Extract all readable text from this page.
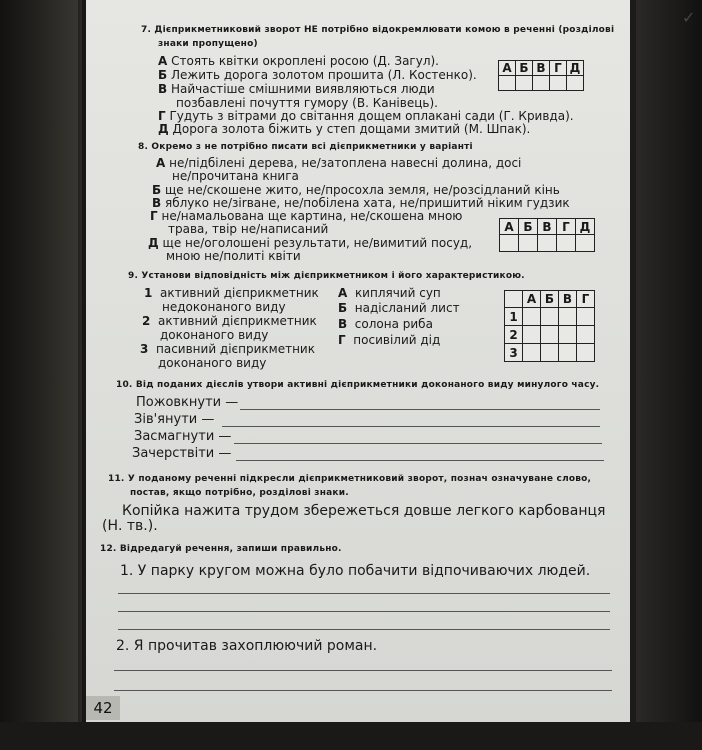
✓
7. Дієприкметниковий зворот НЕ потрібно відокремлювати комою в реченні (розділові
знаки пропущено)
А Стоять квітки окроплені росою (Д. Загул).
Б Лежить дорога золотом прошита (Л. Костенко).
В Найчастіше смішними виявляються люди
позбавлені почуття гумору (В. Канівець).
Г Гудуть з вітрами до світання дощем оплакані сади (Г. Кривда).
Д Дорога золота біжить у степ дощами змитий (М. Шпак).
А	Б	В	Г	Д

8. Окремо з не потрібно писати всі дієприкметники у варіанті
А не/підбілені дерева, не/затоплена навесні долина, досі
не/прочитана книга
Б ще не/скошене жито, не/просохла земля, не/розсідланий кінь
В яблуко не/зіrване, не/побілена хата, не/пришитий ніким гудзик
Г не/намальована ще картина, не/скошена мною
трава, твір не/написаний
Д ще не/оголошені результати, не/вимитий посуд,
мною не/политі квіти
А	Б	В	Г	Д

9. Установи відповідність між дієприкметником і його характеристикою.
1 активний дієприкметник
недоконаного виду
2 активний дієприкметник
доконаного виду
3 пасивний дієприкметник
доконаного виду
А киплячий суп
Б надісланий лист
В солона риба
Г посивілий дід
	А	Б	В	Г
1				
2				
3				
10. Від поданих дієслів утвори активні дієприкметники доконаного виду минулого часу.
Пожовкнути —
Зів'янути —
Засмагнути —
Зачерствіти —
11. У поданому реченні підкресли дієприкметниковий зворот, познач означуване слово,
постав, якщо потрібно, розділові знаки.
Копійка нажита трудом збережеться довше легкого карбованця
(Н. тв.).
12. Відредагуй речення, запиши правильно.
1. У парку кругом можна було побачити відпочиваючих людей.
2. Я прочитав захоплюючий роман.
42
